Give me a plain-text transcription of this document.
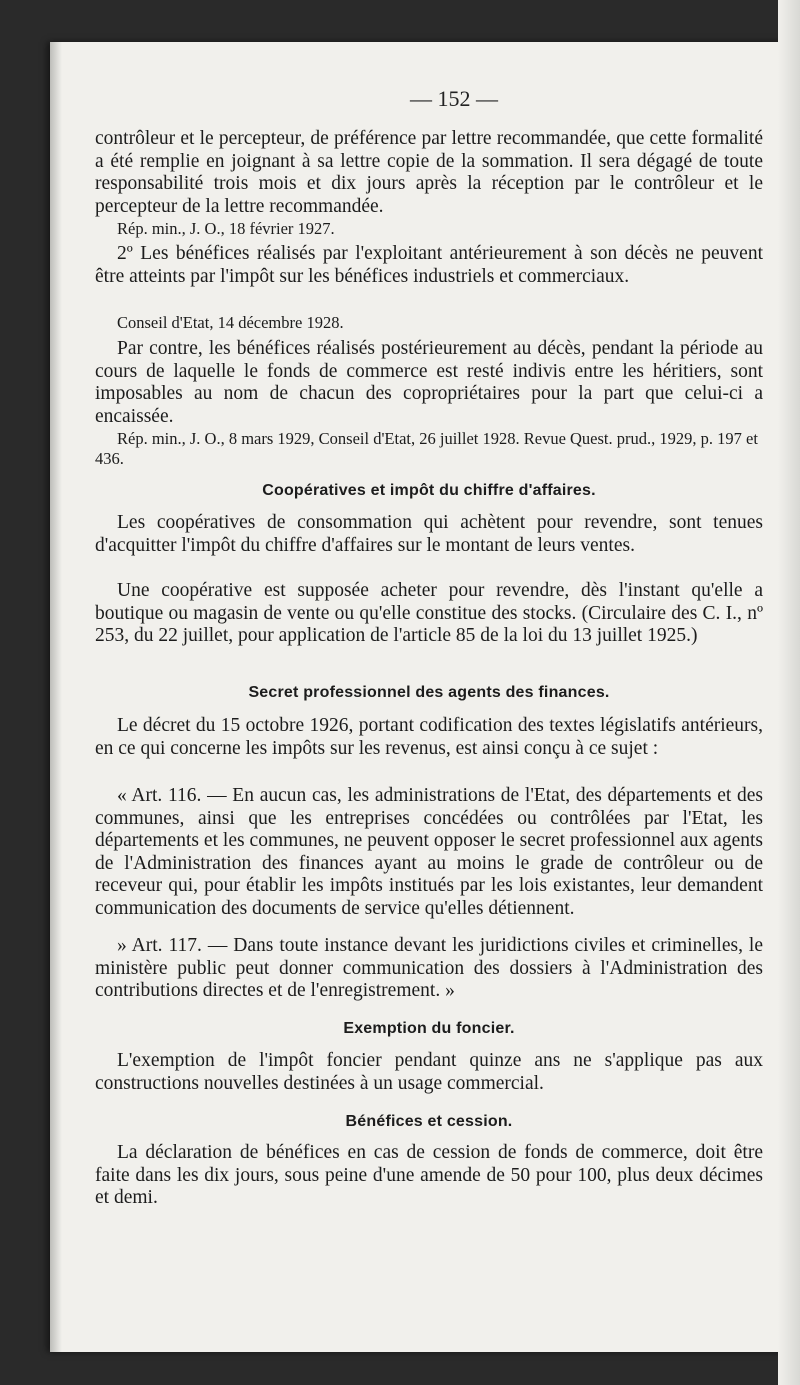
— 152 —

contrôleur et le percepteur, de préférence par lettre recommandée, que cette formalité a été remplie en joignant à sa lettre copie de la sommation. Il sera dégagé de toute responsabilité trois mois et dix jours après la réception par le contrôleur et le percepteur de la lettre recommandée.

Rép. min., J. O., 18 février 1927.

2º Les bénéfices réalisés par l'exploitant antérieurement à son décès ne peuvent être atteints par l'impôt sur les bénéfices industriels et commerciaux.

Conseil d'Etat, 14 décembre 1928.

Par contre, les bénéfices réalisés postérieurement au décès, pendant la période au cours de laquelle le fonds de commerce est resté indivis entre les héritiers, sont imposables au nom de chacun des copropriétaires pour la part que celui-ci a encaissée.

Rép. min., J. O., 8 mars 1929, Conseil d'Etat, 26 juillet 1928. Revue Quest. prud., 1929, p. 197 et 436.

Coopératives et impôt du chiffre d'affaires.

Les coopératives de consommation qui achètent pour revendre, sont tenues d'acquitter l'impôt du chiffre d'affaires sur le montant de leurs ventes.

Une coopérative est supposée acheter pour revendre, dès l'instant qu'elle a boutique ou magasin de vente ou qu'elle constitue des stocks. (Circulaire des C. I., nº 253, du 22 juillet, pour application de l'article 85 de la loi du 13 juillet 1925.)

Secret professionnel des agents des finances.

Le décret du 15 octobre 1926, portant codification des textes législatifs antérieurs, en ce qui concerne les impôts sur les revenus, est ainsi conçu à ce sujet :

« Art. 116. — En aucun cas, les administrations de l'Etat, des départements et des communes, ainsi que les entreprises concédées ou contrôlées par l'Etat, les départements et les communes, ne peuvent opposer le secret professionnel aux agents de l'Administration des finances ayant au moins le grade de contrôleur ou de receveur qui, pour établir les impôts institués par les lois existantes, leur demandent communication des documents de service qu'elles détiennent.

» Art. 117. — Dans toute instance devant les juridictions civiles et criminelles, le ministère public peut donner communication des dossiers à l'Administration des contributions directes et de l'enregistrement. »

Exemption du foncier.

L'exemption de l'impôt foncier pendant quinze ans ne s'applique pas aux constructions nouvelles destinées à un usage commercial.

Bénéfices et cession.

La déclaration de bénéfices en cas de cession de fonds de commerce, doit être faite dans les dix jours, sous peine d'une amende de 50 pour 100, plus deux décimes et demi.
